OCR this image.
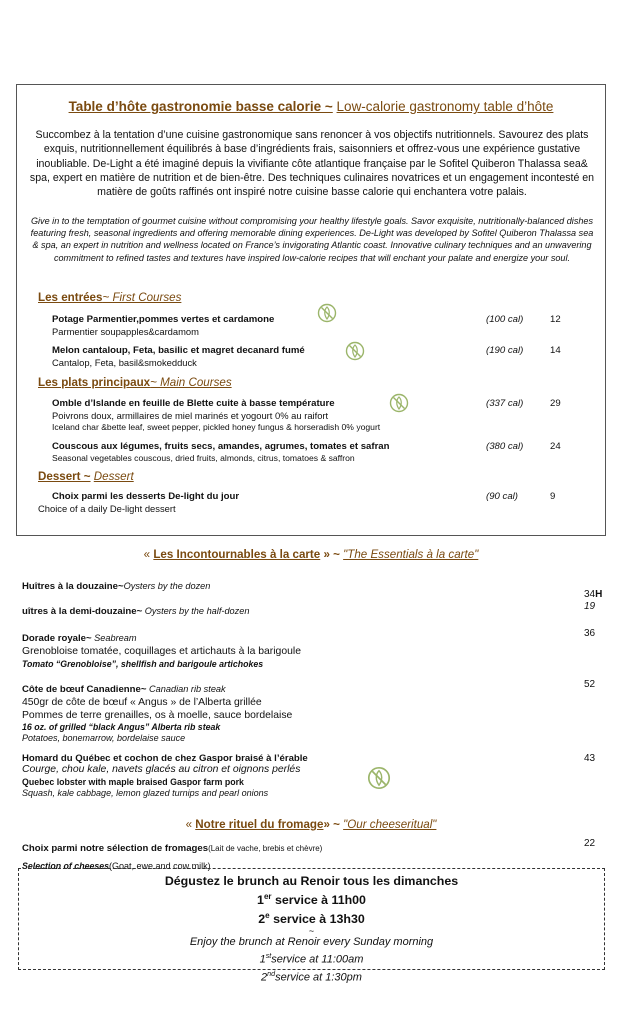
Table d’hôte gastronomie basse calorie ~ Low-calorie gastronomy table d’hôte
Succombez à la tentation d’une cuisine gastronomique sans renoncer à vos objectifs nutritionnels. Savourez des plats exquis, nutritionnellement équilibrés à base d’ingrédients frais, saisonniers et offrez-vous une expérience gustative inoubliable. De-Light a été imaginé depuis la vivifiante côte atlantique française par le Sofitel Quiberon Thalassa sea& spa, expert en matière de nutrition et de bien-être. Des techniques culinaires novatrices et un engagement incontesté en matière de goûts raffinés ont inspiré notre cuisine basse calorie qui enchantera votre palais.
Give in to the temptation of gourmet cuisine without compromising your healthy lifestyle goals. Savor exquisite, nutritionally-balanced dishes featuring fresh, seasonal ingredients and offering memorable dining experiences. De-Light was developed by Sofitel Quiberon Thalassa sea & spa, an expert in nutrition and wellness located on France’s invigorating Atlantic coast. Innovative culinary techniques and an unwavering commitment to refined tastes and textures have inspired low-calorie recipes that will enchant your palate and energize your soul.
Les entrées~ First Courses
Potage Parmentier,pommes vertes et cardamone
Parmentier soupapples&cardamom
(100 cal)	12
Melon cantaloup, Feta, basilic et magret decanard fumé
Cantalop, Feta, basil&smokedduck
(190 cal)	14
Les plats principaux~ Main Courses
Omble d’Islande en feuille de Blette cuite à basse température
Poivrons doux, armillaires de miel marinés et yogourt 0% au raifort
Iceland char &bette leaf, sweet pepper, pickled honey fungus & horseradish 0% yogurt
(337 cal)	29
Couscous aux légumes, fruits secs, amandes, agrumes, tomates et safran
Seasonal vegetables couscous, dried fruits, almonds, citrus, tomatoes & saffron
(380 cal)	24
Dessert ~ Dessert
Choix parmi les desserts De-light du jour
Choice of a daily De-light dessert
(90 cal)	9
« Les Incontournables à la carte » ~ "The Essentials à la carte"
Huîtres à la douzaine~Oysters by the dozen
34H
uîtres à la demi-douzaine~ Oysters by the half-dozen	19
Dorade royale~ Seabream
Grenobloise tomatée, coquillages et artichauts à la barigoule
Tomato “Grenobloise”, shellfish and barigoule artichokes
36
Côte de bœuf Canadienne~ Canadian rib steak
450gr de côte de bœuf « Angus » de l’Alberta grillée
Pommes de terre grenailles, os à moelle, sauce bordelaise
16 oz. of grilled “black Angus” Alberta rib steak
Potatoes, bonemarrow, bordelaise sauce
52
Homard du Québec et cochon de chez Gaspor braisé à l’érable
Courge, chou kale, navets glacés au citron et oignons perlés
Quebec lobster with maple braised Gaspor farm pork
Squash, kale cabbage, lemon glazed turnips and pearl onions
43
« Notre rituel du fromage» ~ "Our cheeseritual"
Choix parmi notre sélection de fromages(Lait de vache, brebis et chèvre)
Selection of cheeses(Goat, ewe and cow milk)
22
Dégustez le brunch au Renoir tous les dimanches
1er service à 11h00
2e service à 13h30
~
Enjoy the brunch at Renoir every Sunday morning
1stservice at 11:00am
2ndservice at 1:30pm
